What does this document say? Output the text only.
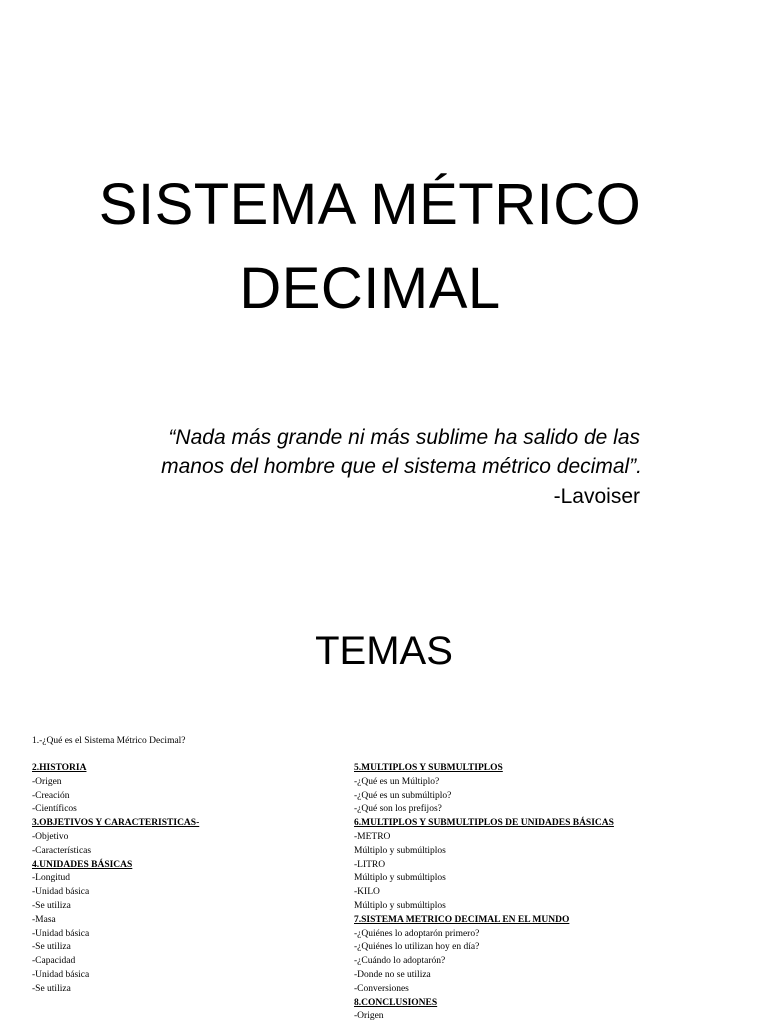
SISTEMA MÉTRICO
DECIMAL
“Nada más grande ni más sublime ha salido de las
manos del hombre que el sistema métrico decimal”.
-Lavoiser
TEMAS
1.-¿Qué es el Sistema Métrico Decimal?
2.HISTORIA
-Origen
-Creación
-Científicos
3.OBJETIVOS Y CARACTERISTICAS-
-Objetivo
-Características
4.UNIDADES BÁSICAS
-Longitud
-Unidad básica
-Se utiliza
-Masa
-Unidad básica
-Se utiliza
-Capacidad
-Unidad básica
-Se utiliza
5.MULTIPLOS Y SUBMULTIPLOS
-¿Qué es un Múltiplo?
-¿Qué es un submúltiplo?
-¿Qué son los prefijos?
6.MULTIPLOS Y SUBMULTIPLOS DE UNIDADES BÁSICAS
-METRO
Múltiplo y submúltiplos
-LITRO
Múltiplo y submúltiplos
-KILO
Múltiplo y submúltiplos
7.SISTEMA METRICO DECIMAL EN EL MUNDO
-¿Quiénes lo adoptarón primero?
-¿Quiénes lo utilizan hoy en día?
-¿Cuándo lo adoptarón?
-Donde no se utiliza
-Conversiones
8.CONCLUSIONES
-Origen
